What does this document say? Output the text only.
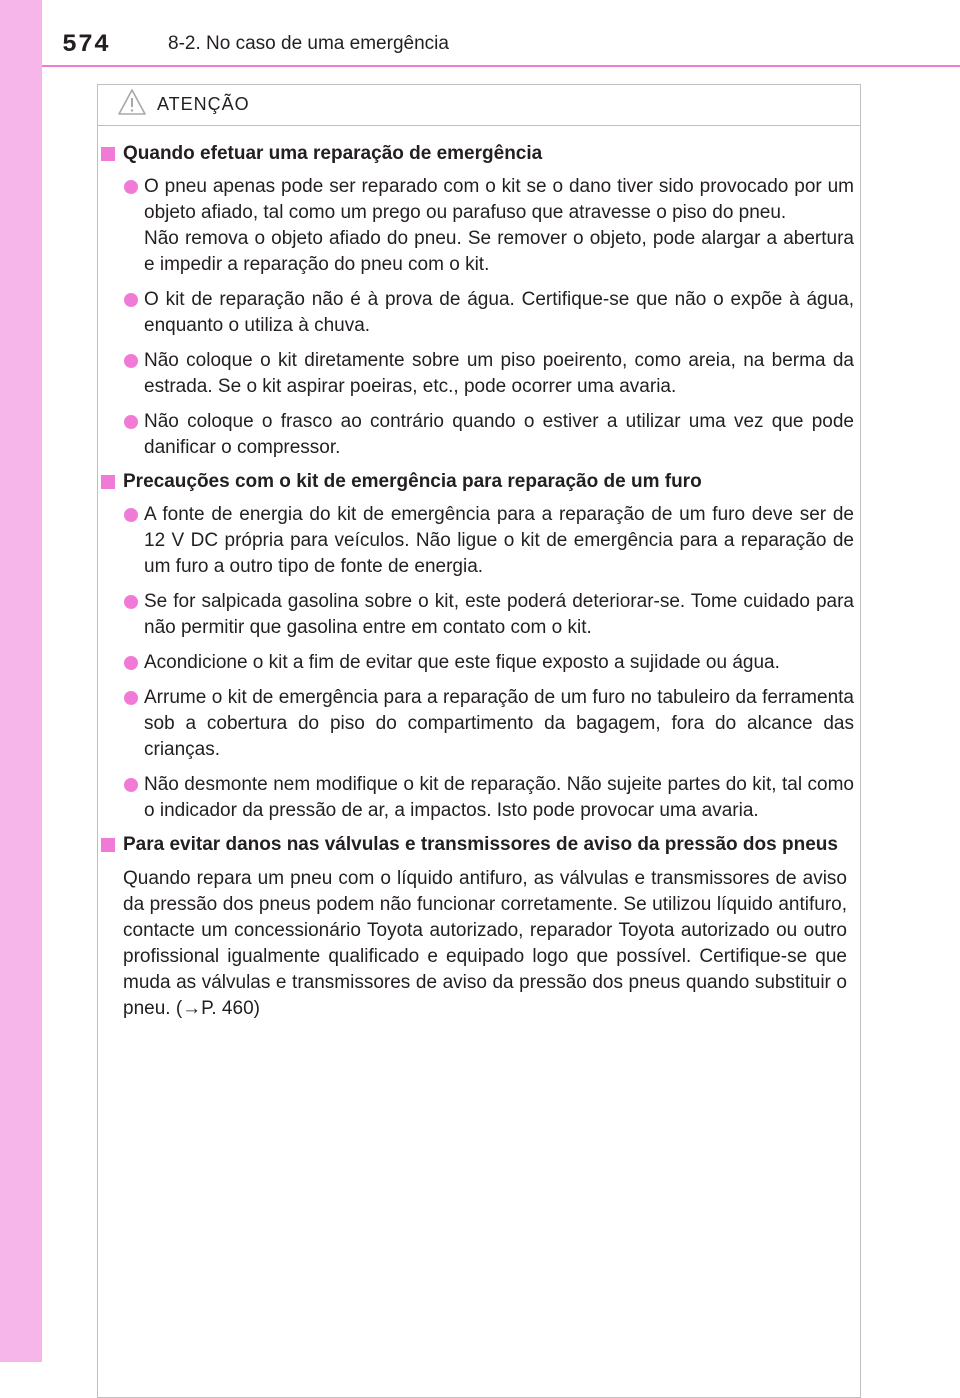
574	8-2. No caso de uma emergência
ATENÇÃO
Quando efetuar uma reparação de emergência
O pneu apenas pode ser reparado com o kit se o dano tiver sido provocado por um objeto afiado, tal como um prego ou parafuso que atravesse o piso do pneu.
Não remova o objeto afiado do pneu. Se remover o objeto, pode alargar a abertura e impedir a reparação do pneu com o kit.
O kit de reparação não é à prova de água. Certifique-se que não o expõe à água, enquanto o utiliza à chuva.
Não coloque o kit diretamente sobre um piso poeirento, como areia, na berma da estrada. Se o kit aspirar poeiras, etc., pode ocorrer uma avaria.
Não coloque o frasco ao contrário quando o estiver a utilizar uma vez que pode danificar o compressor.
Precauções com o kit de emergência para reparação de um furo
A fonte de energia do kit de emergência para a reparação de um furo deve ser de 12 V DC própria para veículos. Não ligue o kit de emergência para a reparação de um furo a outro tipo de fonte de energia.
Se for salpicada gasolina sobre o kit, este poderá deteriorar-se. Tome cuidado para não permitir que gasolina entre em contato com o kit.
Acondicione o kit a fim de evitar que este fique exposto a sujidade ou água.
Arrume o kit de emergência para a reparação de um furo no tabuleiro da ferramenta sob a cobertura do piso do compartimento da bagagem, fora do alcance das crianças.
Não desmonte nem modifique o kit de reparação. Não sujeite partes do kit, tal como o indicador da pressão de ar, a impactos. Isto pode provocar uma avaria.
Para evitar danos nas válvulas e transmissores de aviso da pressão dos pneus
Quando repara um pneu com o líquido antifuro, as válvulas e transmissores de aviso da pressão dos pneus podem não funcionar corretamente. Se utilizou líquido antifuro, contacte um concessionário Toyota autorizado, reparador Toyota autorizado ou outro profissional igualmente qualificado e equipado logo que possível. Certifique-se que muda as válvulas e transmissores de aviso da pressão dos pneus quando substituir o pneu. (→P. 460)
